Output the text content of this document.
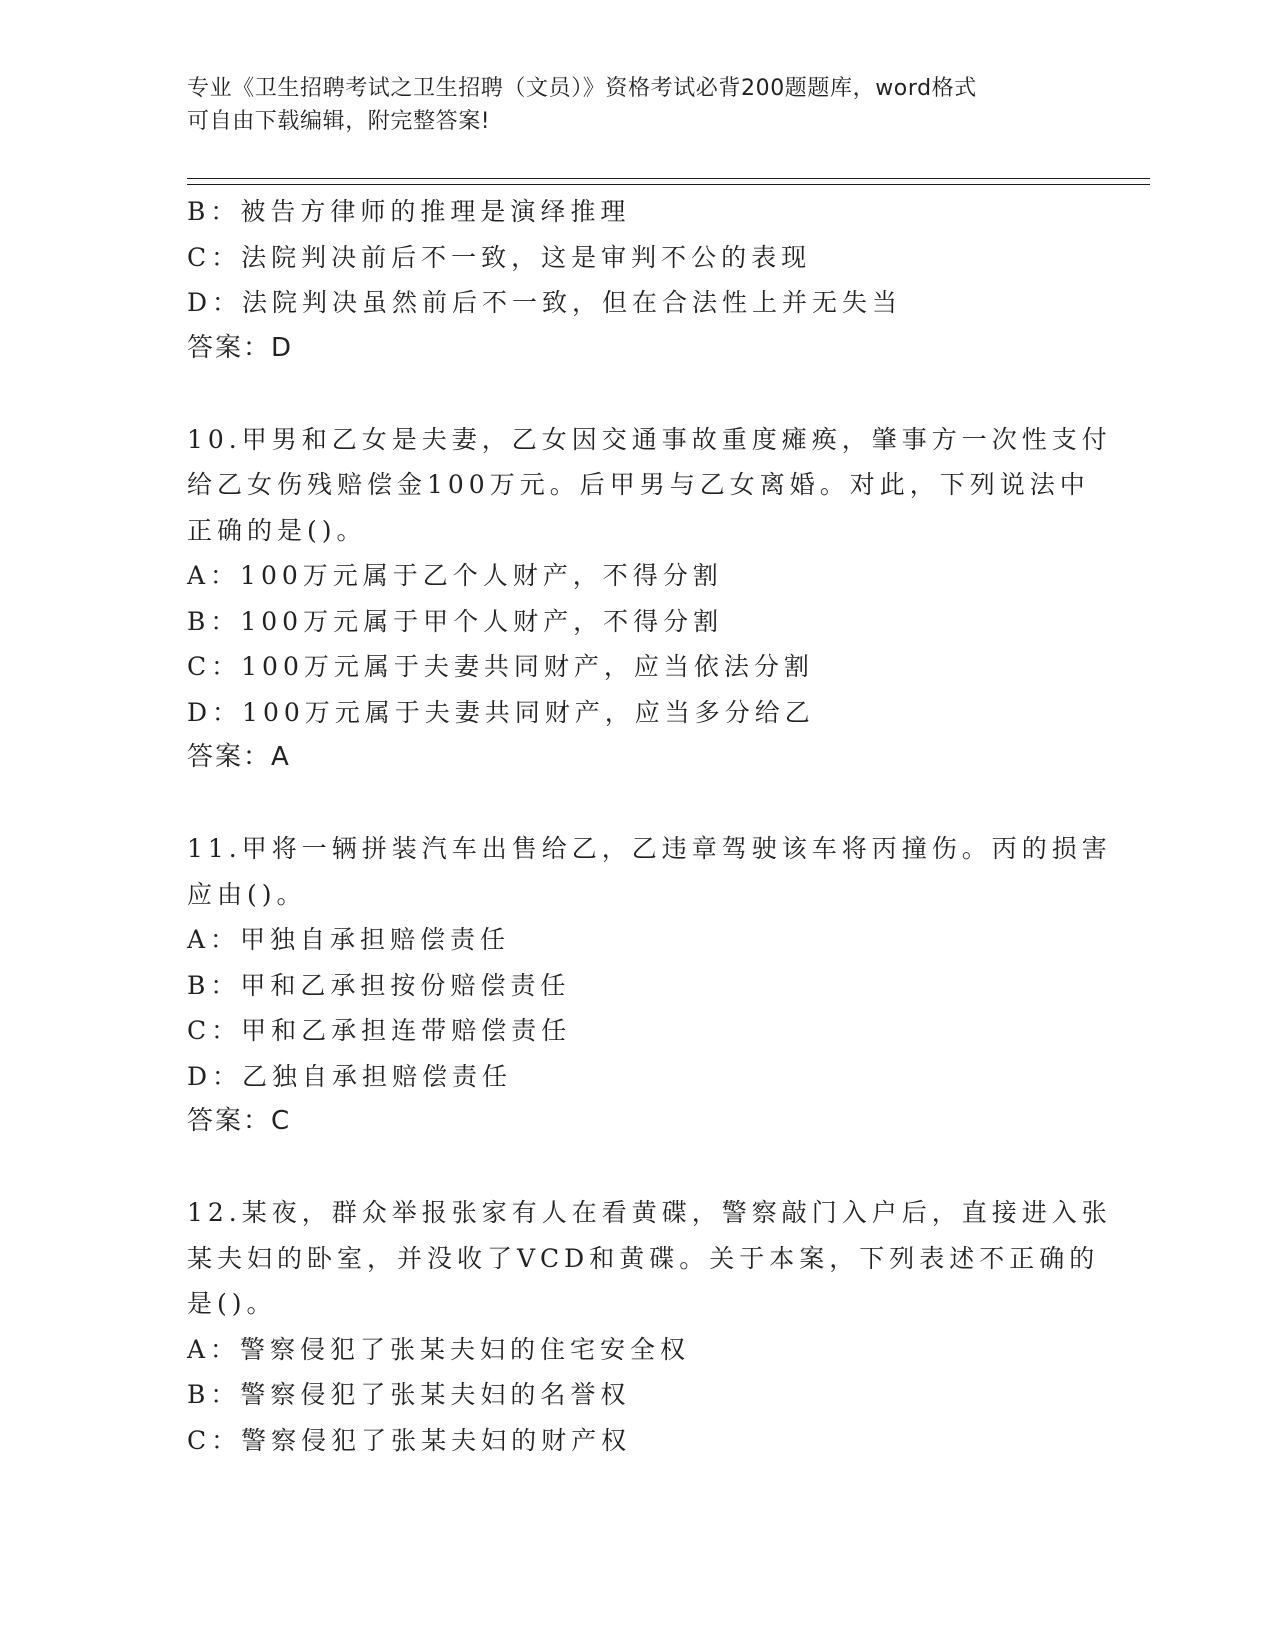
专业《卫生招聘考试之卫生招聘（文员）》资格考试必背200题题库，word格式
可自由下载编辑，附完整答案!
B：被告方律师的推理是演绎推理
C：法院判决前后不一致，这是审判不公的表现
D：法院判决虽然前后不一致，但在合法性上并无失当
答案：D
10.甲男和乙女是夫妻，乙女因交通事故重度瘫痪，肇事方一次性支付
给乙女伤残赔偿金100万元。后甲男与乙女离婚。对此，下列说法中
正确的是()。
A：100万元属于乙个人财产，不得分割
B：100万元属于甲个人财产，不得分割
C：100万元属于夫妻共同财产，应当依法分割
D：100万元属于夫妻共同财产，应当多分给乙
答案：A
11.甲将一辆拼装汽车出售给乙，乙违章驾驶该车将丙撞伤。丙的损害
应由()。
A：甲独自承担赔偿责任
B：甲和乙承担按份赔偿责任
C：甲和乙承担连带赔偿责任
D：乙独自承担赔偿责任
答案：C
12.某夜，群众举报张家有人在看黄碟，警察敲门入户后，直接进入张
某夫妇的卧室，并没收了VCD和黄碟。关于本案，下列表述不正确的
是()。
A：警察侵犯了张某夫妇的住宅安全权
B：警察侵犯了张某夫妇的名誉权
C：警察侵犯了张某夫妇的财产权
